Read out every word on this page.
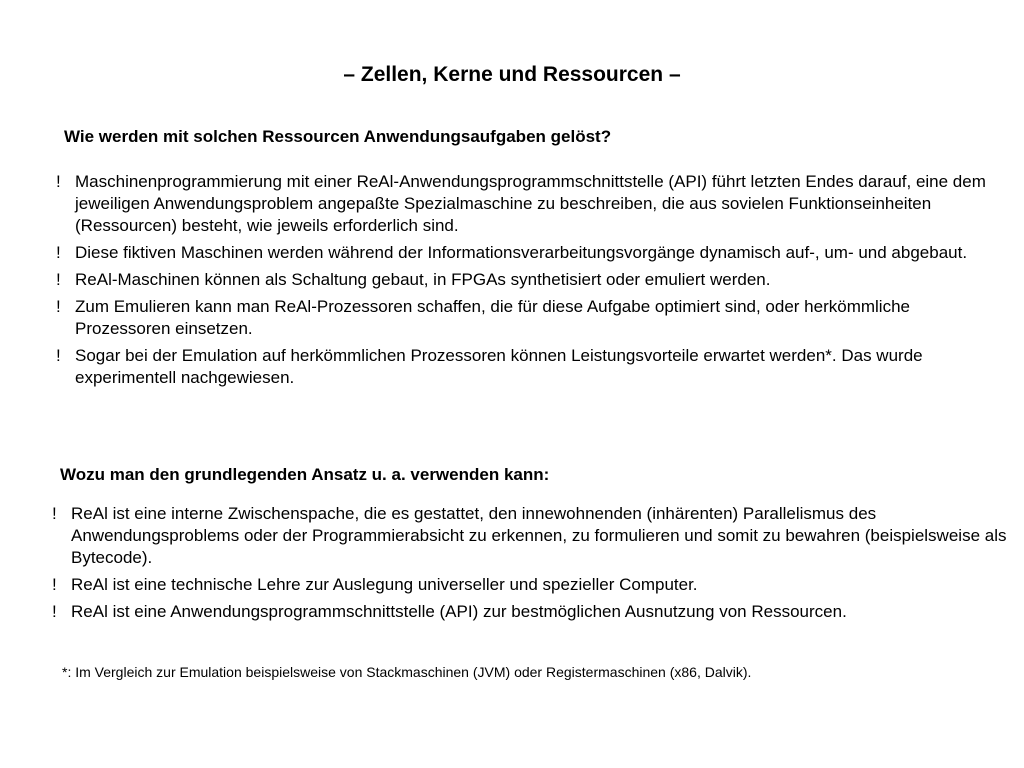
– Zellen, Kerne und Ressourcen –
Wie werden mit solchen Ressourcen Anwendungsaufgaben gelöst?
! Maschinenprogrammierung mit einer ReAl-Anwendungsprogrammschnittstelle (API) führt letzten Endes darauf, eine dem jeweiligen Anwendungsproblem angepaßte Spezialmaschine zu beschreiben, die aus sovielen Funktionseinheiten (Ressourcen) besteht, wie jeweils erforderlich sind.
! Diese fiktiven Maschinen werden während der Informationsverarbeitungsvorgänge dynamisch auf-, um- und abgebaut.
! ReAl-Maschinen können als Schaltung gebaut, in FPGAs synthetisiert oder emuliert werden.
! Zum Emulieren kann man ReAl-Prozessoren schaffen, die für diese Aufgabe optimiert sind, oder herkömmliche Prozessoren einsetzen.
! Sogar bei der Emulation auf herkömmlichen Prozessoren können Leistungsvorteile erwartet werden*. Das wurde experimentell nachgewiesen.
Wozu man den grundlegenden Ansatz u. a. verwenden kann:
! ReAl ist eine interne Zwischenspache, die es gestattet, den innewohnenden (inhärenten) Parallelismus des Anwendungsproblems oder der Programmierabsicht zu erkennen, zu formulieren und somit zu bewahren (beispielsweise als Bytecode).
! ReAl ist eine technische Lehre zur Auslegung universeller und spezieller Computer.
! ReAl ist eine Anwendungsprogrammschnittstelle (API) zur bestmöglichen Ausnutzung von Ressourcen.
*: Im Vergleich zur Emulation beispielsweise von Stackmaschinen (JVM) oder Registermaschinen (x86, Dalvik).
